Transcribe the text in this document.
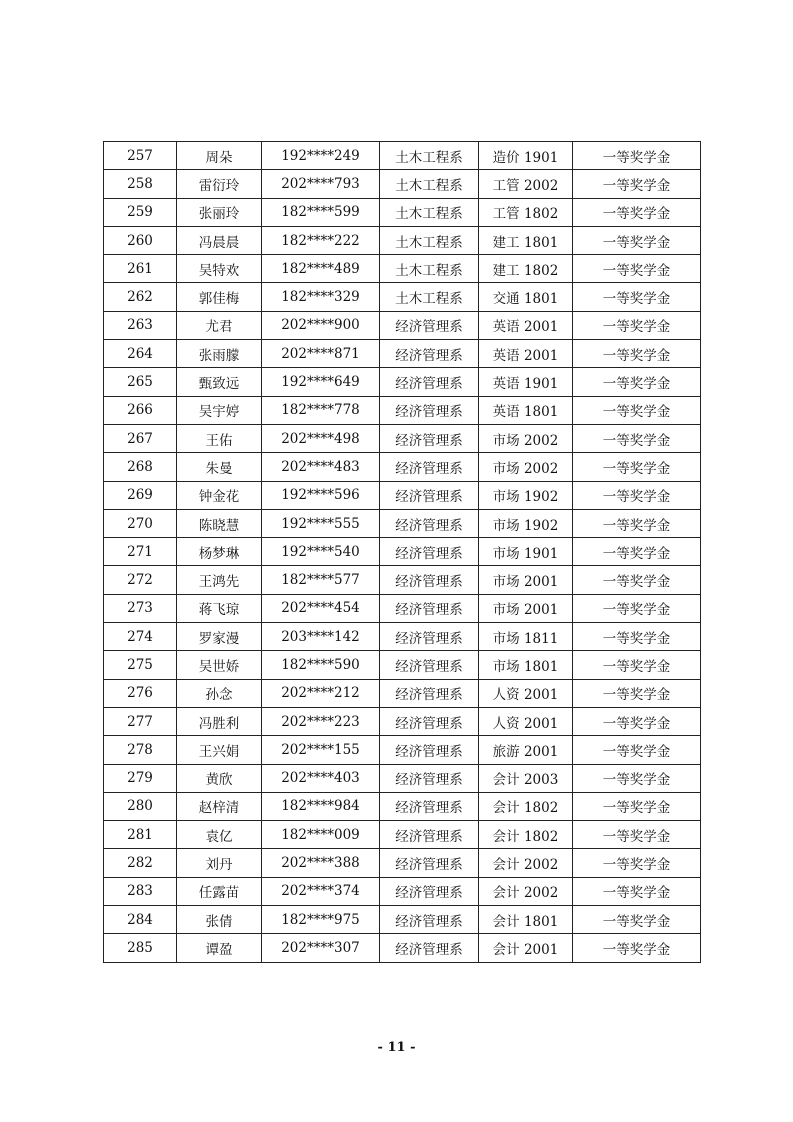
257	周朵	192****249	土木工程系	造价 1901	一等奖学金
258	雷衍玲	202****793	土木工程系	工管 2002	一等奖学金
259	张丽玲	182****599	土木工程系	工管 1802	一等奖学金
260	冯晨晨	182****222	土木工程系	建工 1801	一等奖学金
261	吴特欢	182****489	土木工程系	建工 1802	一等奖学金
262	郭佳梅	182****329	土木工程系	交通 1801	一等奖学金
263	尤君	202****900	经济管理系	英语 2001	一等奖学金
264	张雨朦	202****871	经济管理系	英语 2001	一等奖学金
265	甄致远	192****649	经济管理系	英语 1901	一等奖学金
266	吴宇婷	182****778	经济管理系	英语 1801	一等奖学金
267	王佑	202****498	经济管理系	市场 2002	一等奖学金
268	朱曼	202****483	经济管理系	市场 2002	一等奖学金
269	钟金花	192****596	经济管理系	市场 1902	一等奖学金
270	陈晓慧	192****555	经济管理系	市场 1902	一等奖学金
271	杨梦琳	192****540	经济管理系	市场 1901	一等奖学金
272	王鸿先	182****577	经济管理系	市场 2001	一等奖学金
273	蒋飞琼	202****454	经济管理系	市场 2001	一等奖学金
274	罗家漫	203****142	经济管理系	市场 1811	一等奖学金
275	吴世娇	182****590	经济管理系	市场 1801	一等奖学金
276	孙念	202****212	经济管理系	人资 2001	一等奖学金
277	冯胜利	202****223	经济管理系	人资 2001	一等奖学金
278	王兴娟	202****155	经济管理系	旅游 2001	一等奖学金
279	黄欣	202****403	经济管理系	会计 2003	一等奖学金
280	赵梓清	182****984	经济管理系	会计 1802	一等奖学金
281	袁亿	182****009	经济管理系	会计 1802	一等奖学金
282	刘丹	202****388	经济管理系	会计 2002	一等奖学金
283	任露苗	202****374	经济管理系	会计 2002	一等奖学金
284	张倩	182****975	经济管理系	会计 1801	一等奖学金
285	谭盈	202****307	经济管理系	会计 2001	一等奖学金
- 11 -
